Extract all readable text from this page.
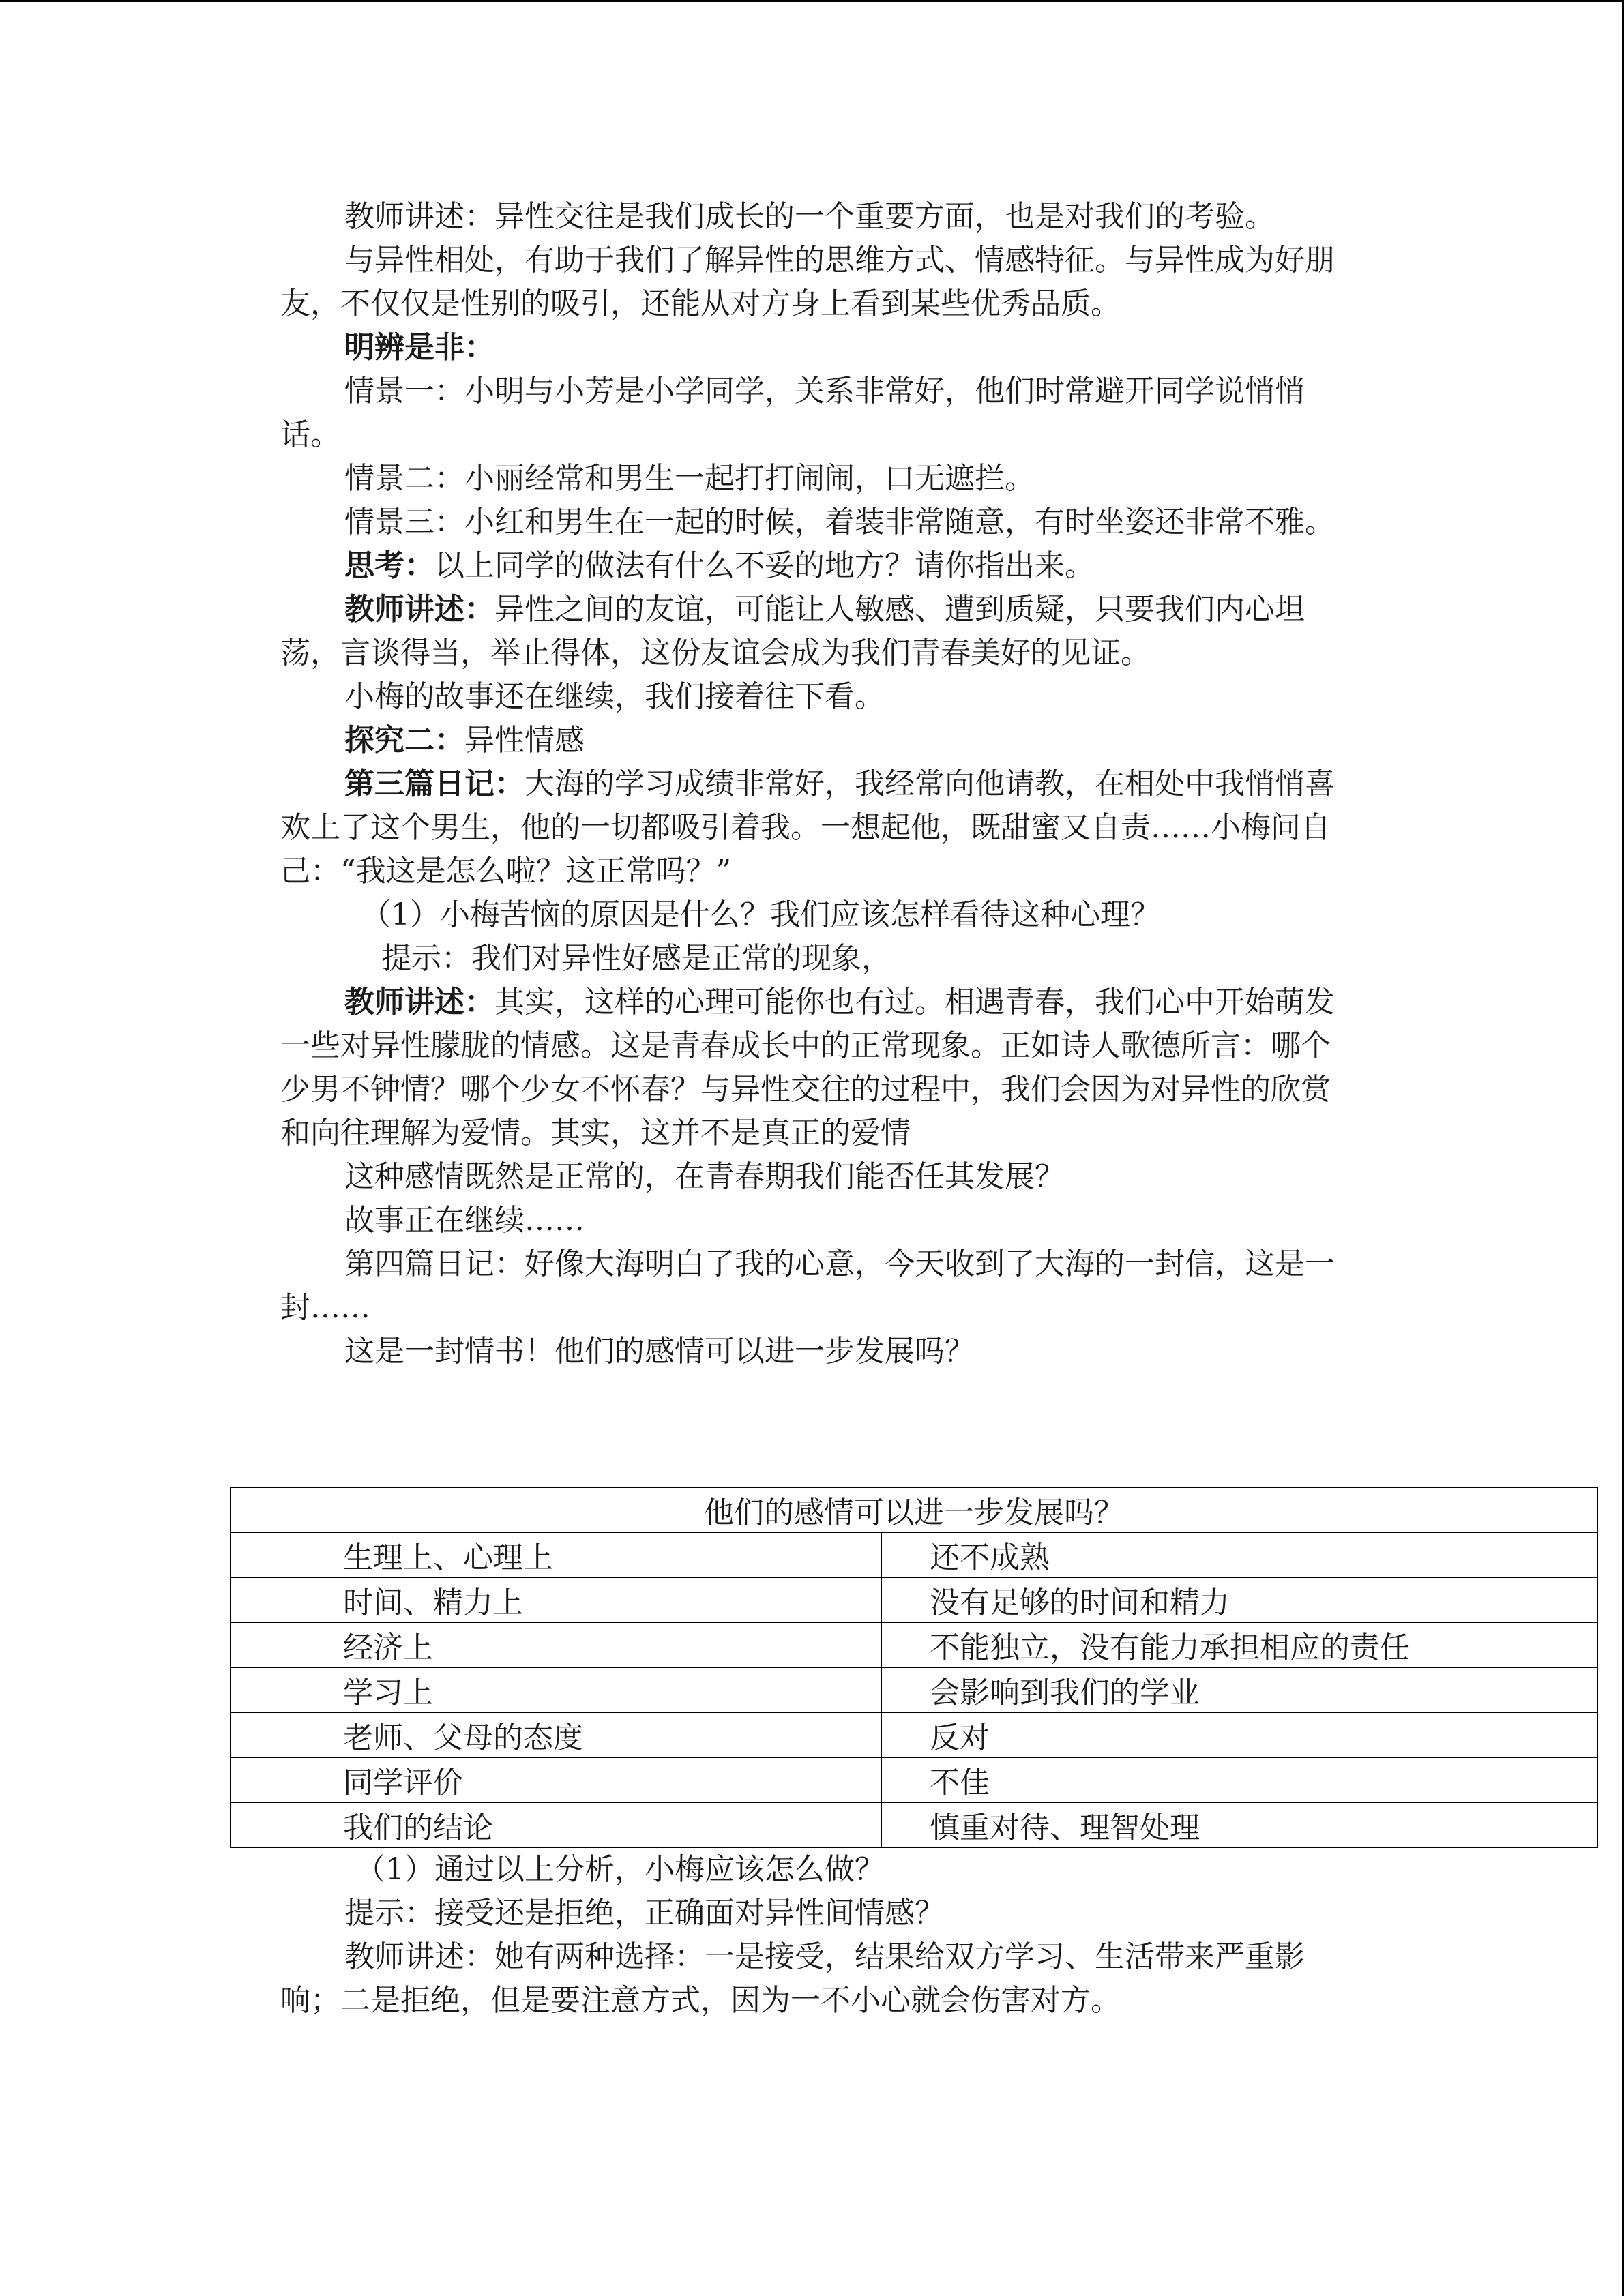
教师讲述：异性交往是我们成长的一个重要方面，也是对我们的考验。

与异性相处，有助于我们了解异性的思维方式、情感特征。与异性成为好朋友，不仅仅是性别的吸引，还能从对方身上看到某些优秀品质。

明辨是非：

情景一：小明与小芳是小学同学，关系非常好，他们时常避开同学说悄悄话。

情景二：小丽经常和男生一起打打闹闹，口无遮拦。

情景三：小红和男生在一起的时候，着装非常随意，有时坐姿还非常不雅。

思考：以上同学的做法有什么不妥的地方？请你指出来。

教师讲述：异性之间的友谊，可能让人敏感、遭到质疑，只要我们内心坦荡，言谈得当，举止得体，这份友谊会成为我们青春美好的见证。

小梅的故事还在继续，我们接着往下看。

探究二：异性情感

第三篇日记：大海的学习成绩非常好，我经常向他请教，在相处中我悄悄喜欢上了这个男生，他的一切都吸引着我。一想起他，既甜蜜又自责……小梅问自己：“我这是怎么啦？这正常吗？”

（1）小梅苦恼的原因是什么？我们应该怎样看待这种心理？

提示：我们对异性好感是正常的现象，

教师讲述：其实，这样的心理可能你也有过。相遇青春，我们心中开始萌发一些对异性朦胧的情感。这是青春成长中的正常现象。正如诗人歌德所言：哪个少男不钟情？哪个少女不怀春？与异性交往的过程中，我们会因为对异性的欣赏和向往理解为爱情。其实，这并不是真正的爱情

这种感情既然是正常的，在青春期我们能否任其发展？

故事正在继续……

第四篇日记：好像大海明白了我的心意，今天收到了大海的一封信，这是一封……

这是一封情书！他们的感情可以进一步发展吗？

他们的感情可以进一步发展吗？	
生理上、心理上	还不成熟
时间、精力上	没有足够的时间和精力
经济上	不能独立，没有能力承担相应的责任
学习上	会影响到我们的学业
老师、父母的态度	反对
同学评价	不佳
我们的结论	慎重对待、理智处理

（1）通过以上分析，小梅应该怎么做？

提示：接受还是拒绝，正确面对异性间情感？

教师讲述：她有两种选择：一是接受，结果给双方学习、生活带来严重影响；二是拒绝，但是要注意方式，因为一不小心就会伤害对方。
